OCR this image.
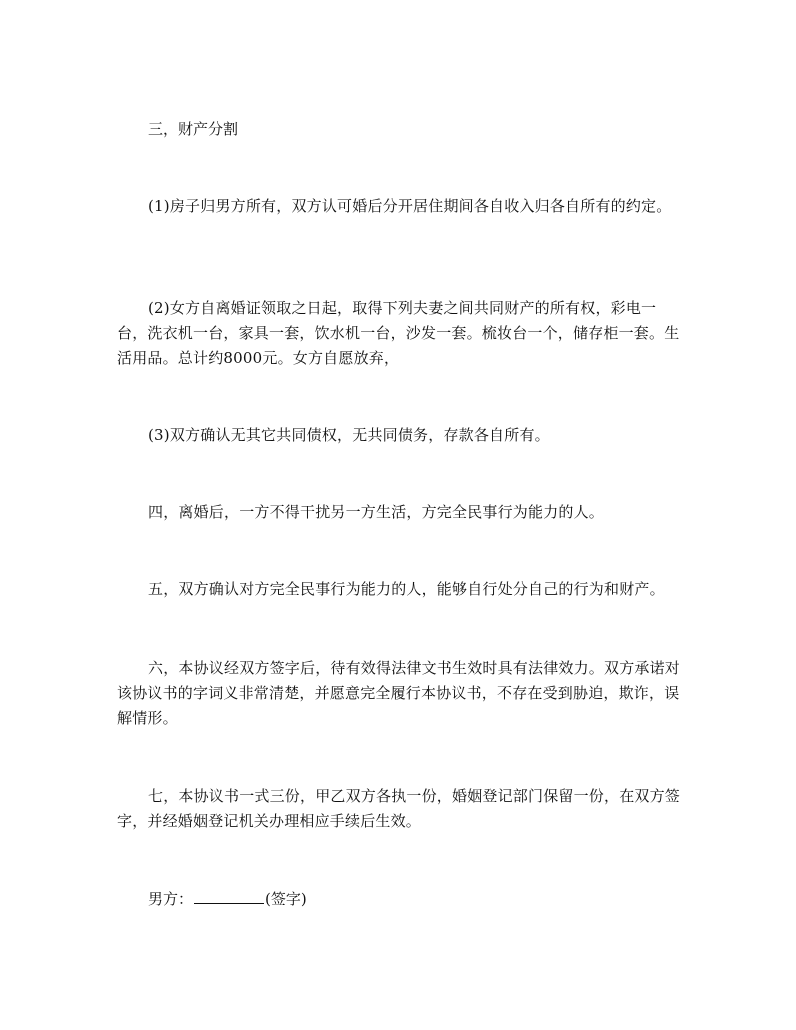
三，财产分割

(1)房子归男方所有，双方认可婚后分开居住期间各自收入归各自所有的约定。

(2)女方自离婚证领取之日起，取得下列夫妻之间共同财产的所有权，彩电一台，洗衣机一台，家具一套，饮水机一台，沙发一套。梳妆台一个，储存柜一套。生活用品。总计约8000元。女方自愿放弃，

(3)双方确认无其它共同债权，无共同债务，存款各自所有。

四，离婚后，一方不得干扰另一方生活，方完全民事行为能力的人。

五，双方确认对方完全民事行为能力的人，能够自行处分自己的行为和财产。

六，本协议经双方签字后，待有效得法律文书生效时具有法律效力。双方承诺对该协议书的字词义非常清楚，并愿意完全履行本协议书，不存在受到胁迫，欺诈，误解情形。

七，本协议书一式三份，甲乙双方各执一份，婚姻登记部门保留一份，在双方签字，并经婚姻登记机关办理相应手续后生效。

男方：	(签字)
